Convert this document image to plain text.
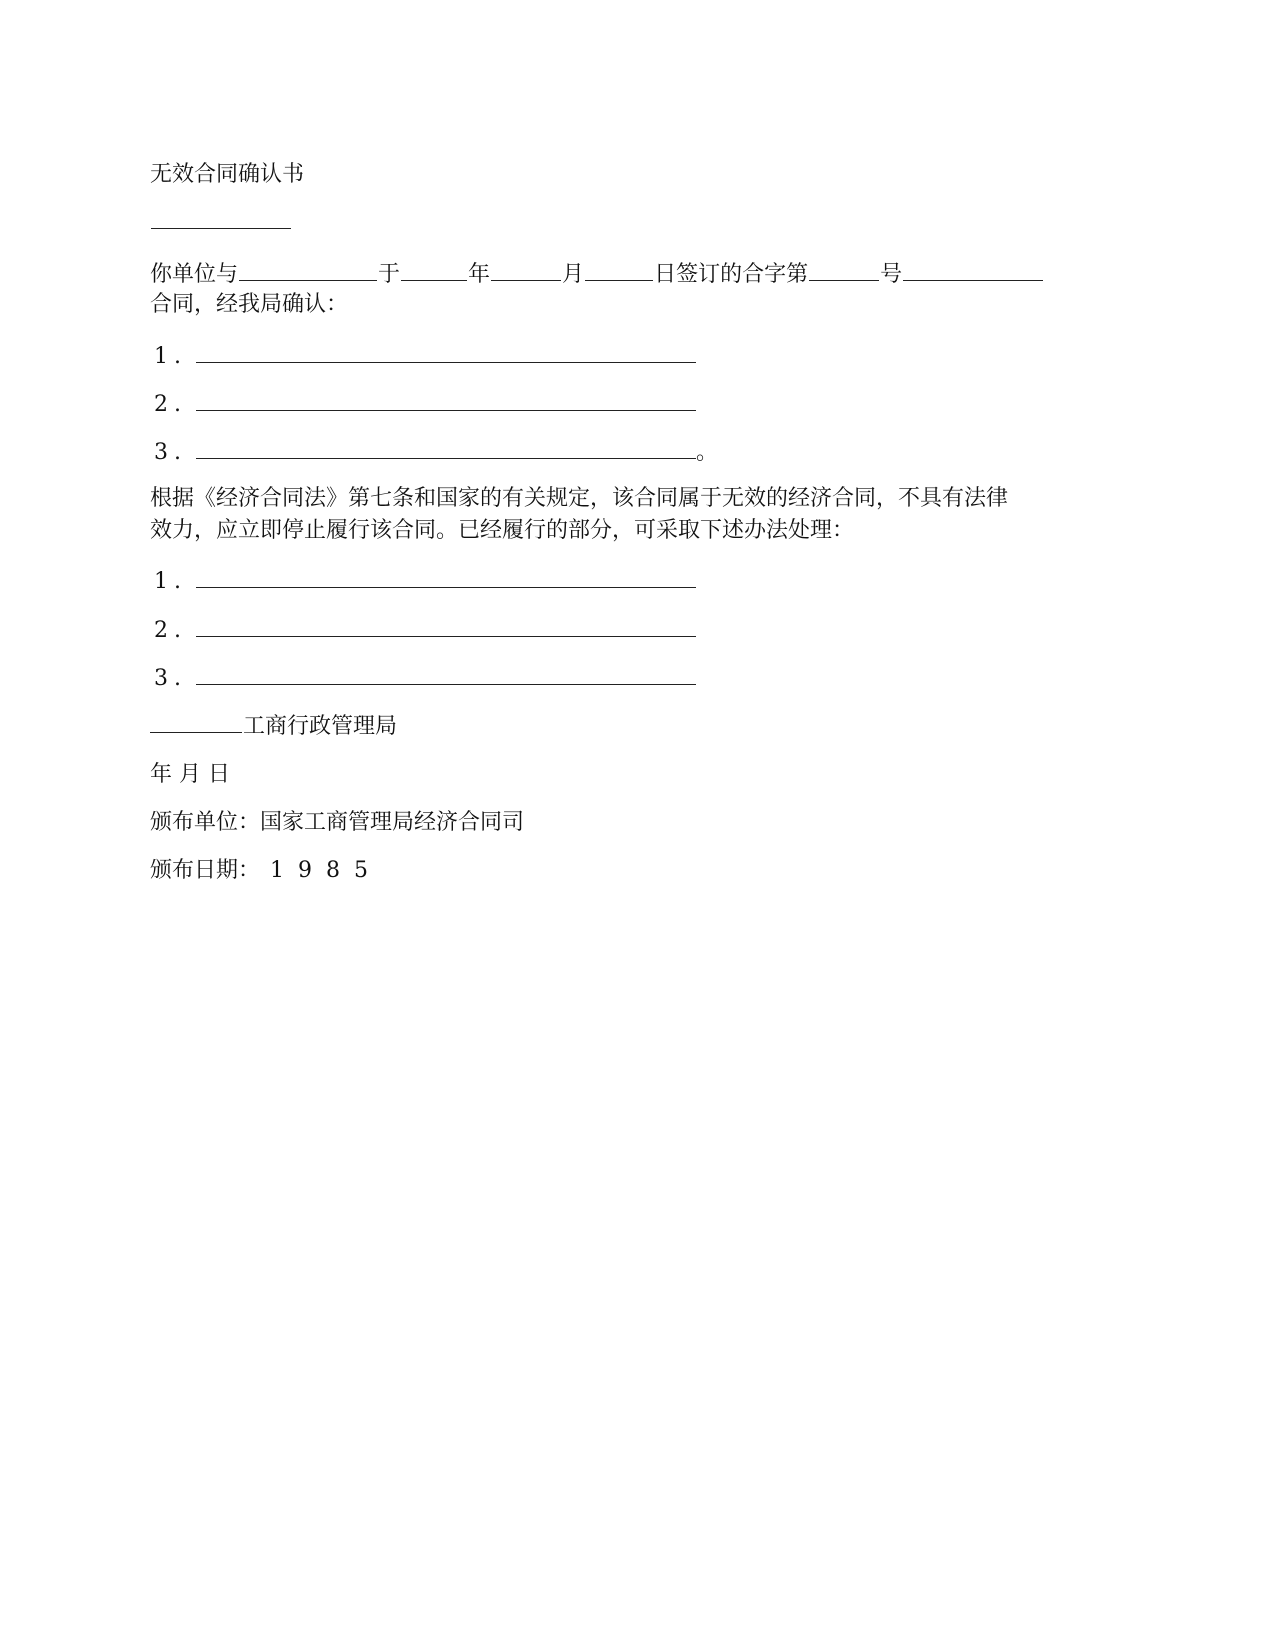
无效合同确认书
你单位与	于	年	月	日签订的合字第	号
合同，经我局确认：
1.
2.
3.	。
根据《经济合同法》第七条和国家的有关规定，该合同属于无效的经济合同，不具有法律
效力，应立即停止履行该合同。已经履行的部分，可采取下述办法处理：
1.
2.
3.
工商行政管理局
年 月 日
颁布单位：国家工商管理局经济合同司
颁布日期： 1985
